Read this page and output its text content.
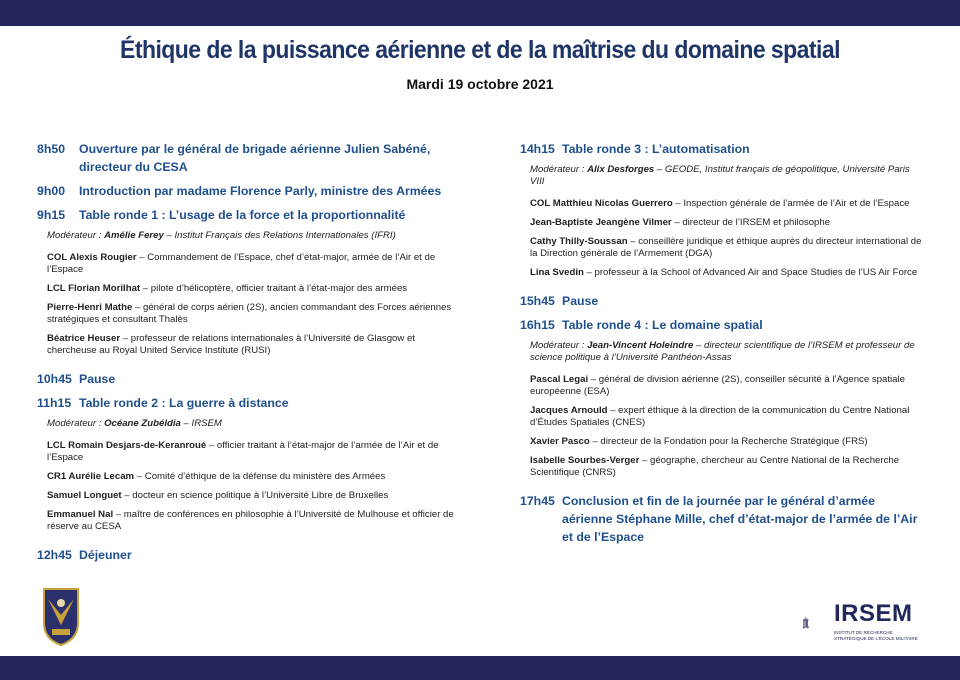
Éthique de la puissance aérienne et de la maîtrise du domaine spatial
Mardi 19 octobre 2021
8h50	Ouverture par le général de brigade aérienne Julien Sabéné, directeur du CESA
9h00	Introduction par madame Florence Parly, ministre des Armées
9h15	Table ronde 1 : L’usage de la force et la proportionnalité
Modérateur : Amélie Ferey – Institut Français des Relations Internationales (IFRI)
COL Alexis Rougier – Commandement de l’Espace, chef d’état-major, armée de l’Air et de l’Espace
LCL Florian Morilhat – pilote d’hélicoptère, officier traitant à l’état-major des armées
Pierre-Henri Mathe – général de corps aérien (2S), ancien commandant des Forces aériennes stratégiques et consultant Thalès
Béatrice Heuser – professeur de relations internationales à l’Université de Glasgow et chercheuse au Royal United Service Institute (RUSI)
10h45 Pause
11h15 Table ronde 2 : La guerre à distance
Modérateur : Océane Zubéldia – IRSEM
LCL Romain Desjars-de-Keranroué – officier traitant à l’état-major de l’armée de l’Air et de l’Espace
CR1 Aurélie Lecam – Comité d’éthique de la défense du ministère des Armées
Samuel Longuet – docteur en science politique à l’Université Libre de Bruxelles
Emmanuel Nal – maître de conférences en philosophie à l’Université de Mulhouse et officier de réserve au CESA
12h45 Déjeuner
14h15 Table ronde 3 : L’automatisation
Modérateur : Alix Desforges – GEODE, Institut français de géopolitique, Université Paris VIII
COL Matthieu Nicolas Guerrero – Inspection générale de l’armée de l’Air et de l’Espace
Jean-Baptiste Jeangène Vilmer – directeur de l’IRSEM et philosophe
Cathy Thilly-Soussan – conseillère juridique et éthique auprès du directeur international de la Direction générale de l’Armement (DGA)
Lina Svedin – professeur à la School of Advanced Air and Space Studies de l’US Air Force
15h45 Pause
16h15 Table ronde 4 : Le domaine spatial
Modérateur : Jean-Vincent Holeindre – directeur scientifique de l’IRSEM et professeur de science politique à l’Université Panthéon-Assas
Pascal Legai – général de division aérienne (2S), conseiller sécurité à l’Agence spatiale européenne (ESA)
Jacques Arnould – expert éthique à la direction de la communication du Centre National d’Études Spatiales (CNES)
Xavier Pasco – directeur de la Fondation pour la Recherche Stratégique (FRS)
Isabelle Sourbes-Verger – géographe, chercheur au Centre National de la Recherche Scientifique (CNRS)
17h45 Conclusion et fin de la journée par le général d’armée aérienne Stéphane Mille, chef d’état-major de l’armée de l’Air et de l’Espace
IRSEM
INSTITUT DE RECHERCHE STRATÉGIQUE DE L’ÉCOLE MILITAIRE
